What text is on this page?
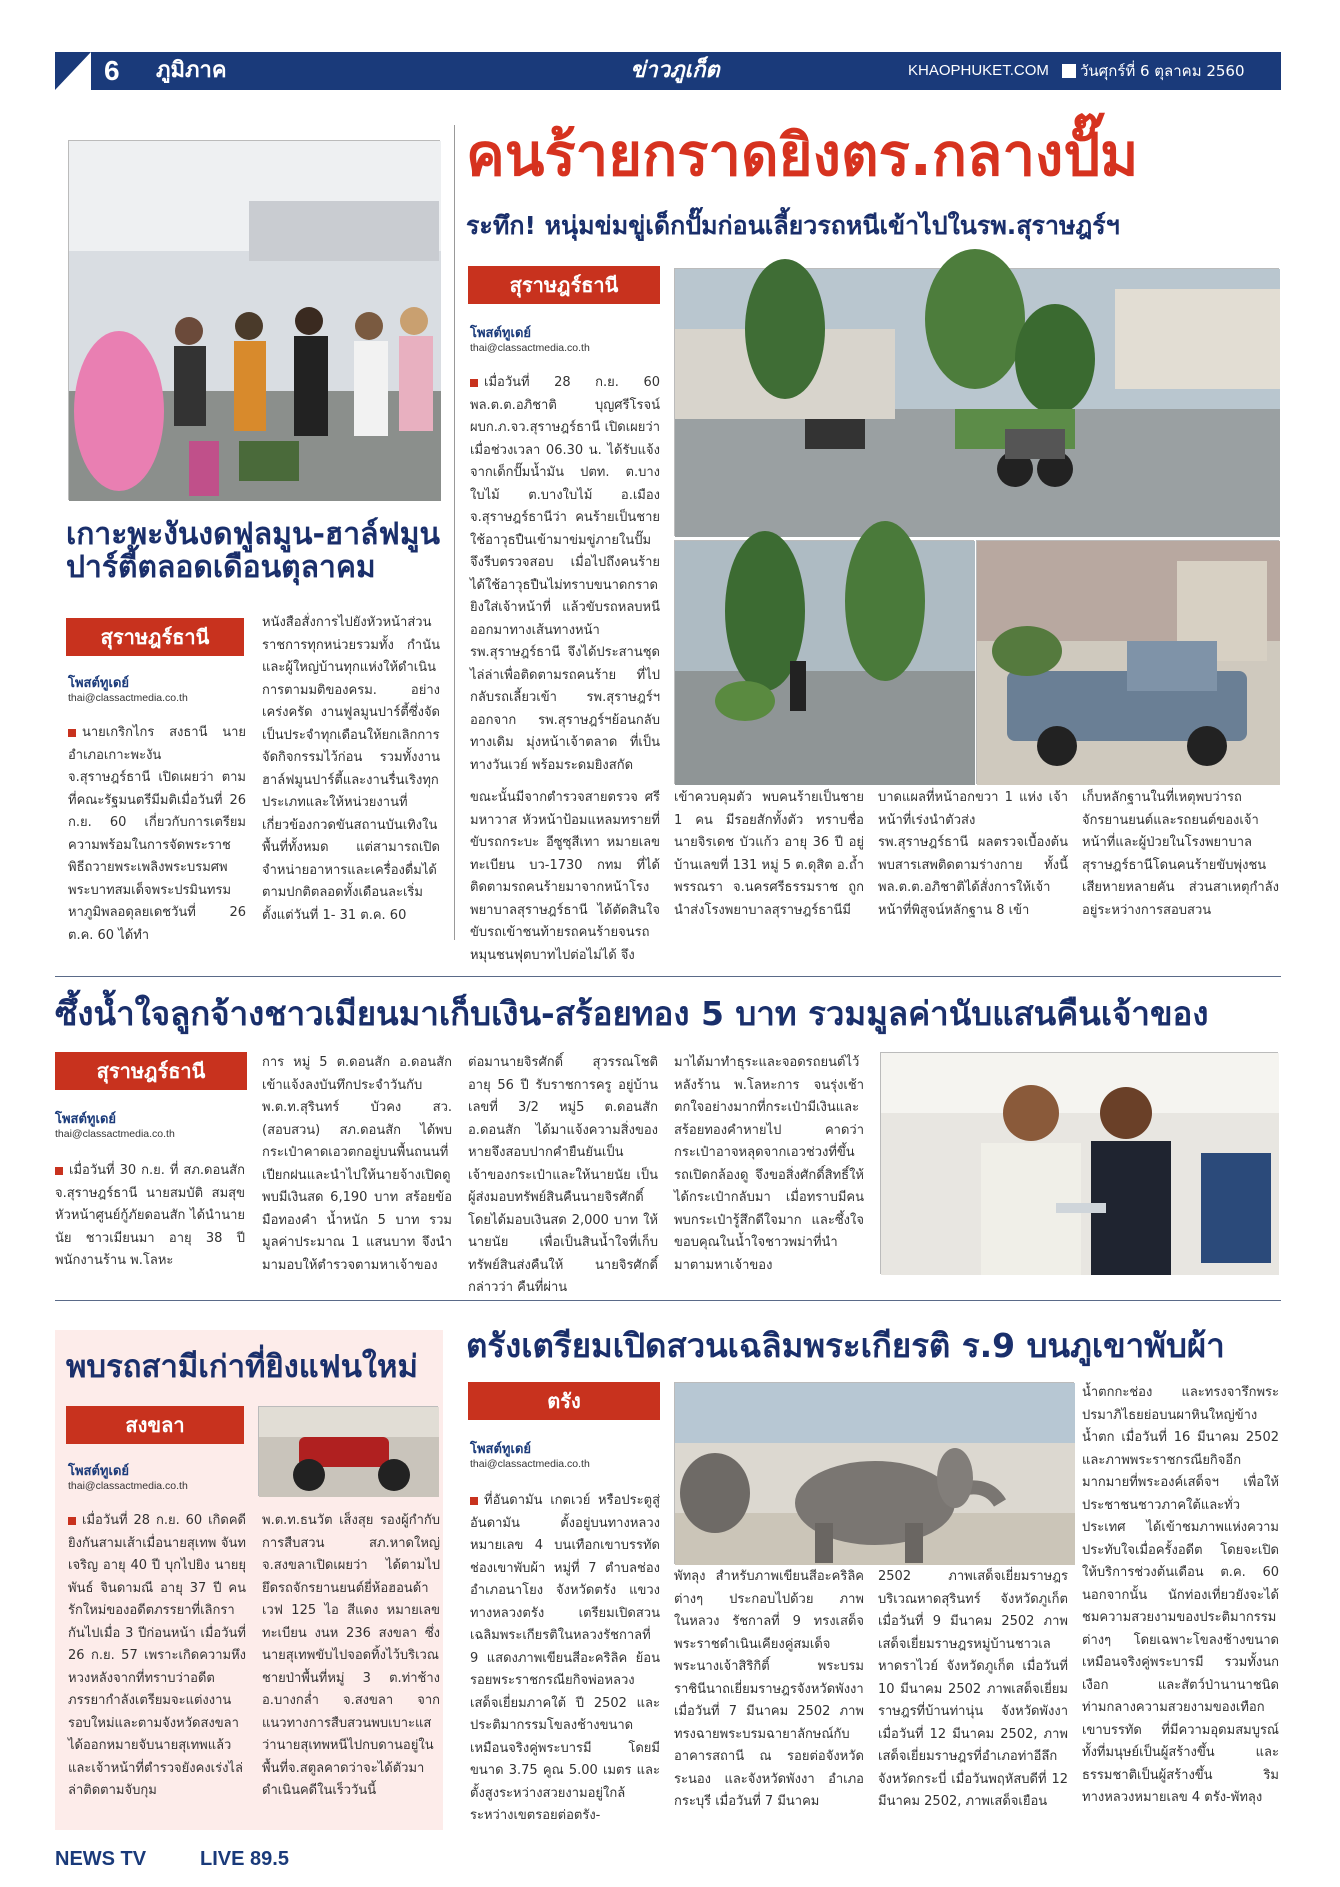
6	ภูมิภาค	ข่าวภูเก็ต	KHAOPHUKET.COM	วันศุกร์ที่ 6 ตุลาคม 2560
เกาะพะงันงดฟูลมูน-ฮาล์ฟมูนปาร์ตี้ตลอดเดือนตุลาคม
สุราษฎร์ธานี
โพสต์ทูเดย์
thai@classactmedia.co.th
นายเกริกไกร สงธานี นายอำเภอเกาะพะงัน จ.สุราษฎร์ธานี เปิดเผยว่า ตามที่คณะรัฐมนตรีมีมติเมื่อวันที่ 26 ก.ย. 60 เกี่ยวกับการเตรียมความพร้อมในการจัดพระราชพิธีถวายพระเพลิงพระบรมศพพระบาทสมเด็จพระปรมินทรมหาภูมิพลอดุลยเดชวันที่ 26 ต.ค. 60 ได้ทำ
หนังสือสั่งการไปยังหัวหน้าส่วนราชการทุกหน่วยรวมทั้ง กำนันและผู้ใหญ่บ้านทุกแห่งให้ดำเนินการตามมติของครม. อย่างเคร่งครัด งานฟูลมูนปาร์ตี้ซึ่งจัดเป็นประจำทุกเดือนให้ยกเลิกการจัดกิจกรรมไว้ก่อน รวมทั้งงานฮาล์ฟมูนปาร์ตี้และงานรื่นเริงทุกประเภทและให้หน่วยงานที่เกี่ยวข้องกวดขันสถานบันเทิงในพื้นที่ทั้งหมด แต่สามารถเปิดจำหน่ายอาหารและเครื่องดื่มได้ตามปกติตลอดทั้งเดือนละเริ่มตั้งแต่วันที่ 1- 31 ต.ค. 60
คนร้ายกราดยิงตร.กลางปั๊ม
ระทึก! หนุ่มข่มขู่เด็กปั๊มก่อนเลี้ยวรถหนีเข้าไปในรพ.สุราษฎร์ฯ
สุราษฎร์ธานี
โพสต์ทูเดย์
thai@classactmedia.co.th
เมื่อวันที่ 28 ก.ย. 60 พล.ต.ต.อภิชาติ บุญศรีโรจน์ ผบก.ภ.จว.สุราษฎร์ธานี เปิดเผยว่า เมื่อช่วงเวลา 06.30 น. ได้รับแจ้งจากเด็กปั๊มน้ำมัน ปตท. ต.บางใบไม้ ต.บางใบไม้ อ.เมือง จ.สุราษฎร์ธานีว่า คนร้ายเป็นชายใช้อาวุธปืนเข้ามาข่มขู่ภายในปั๊ม จึงรีบตรวจสอบ เมื่อไปถึงคนร้ายได้ใช้อาวุธปืนไม่ทราบขนาดกราดยิงใส่เจ้าหน้าที่ แล้วขับรถหลบหนีออกมาทางเส้นทางหน้า รพ.สุราษฎร์ธานี จึงได้ประสานชุดไล่ล่าเพื่อติดตามรถคนร้าย ที่ไปกลับรถเลี้ยวเข้า รพ.สุราษฎร์ฯ ออกจาก รพ.สุราษฎร์ฯย้อนกลับทางเดิม มุ่งหน้าเจ้าตลาด ที่เป็นทางวันเวย์ พร้อมระดมยิงสกัด
ขณะนั้นมีจากตำรวจสายตรวจ ศรีมหาวาส หัวหน้าป้อมแหลมทรายที่ขับรถกระบะ อีซูซุสีเทา หมายเลขทะเบียน บว-1730 กทม ที่ได้ติดตามรถคนร้ายมาจากหน้าโรงพยาบาลสุราษฎร์ธานี ได้ตัดสินใจขับรถเข้าชนท้ายรถคนร้ายจนรถหมุนชนฟุตบาทไปต่อไม่ได้ จึง
เข้าควบคุมตัว พบคนร้ายเป็นชาย 1 คน มีรอยสักทั้งตัว ทราบชื่อ นายจิรเดช บัวแก้ว อายุ 36 ปี อยู่บ้านเลขที่ 131 หมู่ 5 ต.ดุสิต อ.ถ้ำพรรณรา จ.นครศรีธรรมราช ถูกนำส่งโรงพยาบาลสุราษฎร์ธานีมี
บาดแผลที่หน้าอกขวา 1 แห่ง เจ้าหน้าที่เร่งนำตัวส่ง รพ.สุราษฎร์ธานี ผลตรวจเบื้องต้นพบสารเสพติดตามร่างกาย ทั้งนี้ พล.ต.ต.อภิชาติได้สั่งการให้เจ้าหน้าที่พิสูจน์หลักฐาน 8 เข้า
เก็บหลักฐานในที่เหตุพบว่ารถจักรยานยนต์และรถยนต์ของเจ้าหน้าที่และผู้ป่วยในโรงพยาบาลสุราษฎร์ธานีโดนคนร้ายขับพุ่งชนเสียหายหลายคัน ส่วนสาเหตุกำลังอยู่ระหว่างการสอบสวน
ซึ้งน้ำใจลูกจ้างชาวเมียนมาเก็บเงิน-สร้อยทอง 5 บาท รวมมูลค่านับแสนคืนเจ้าของ
สุราษฎร์ธานี
โพสต์ทูเดย์
thai@classactmedia.co.th
เมื่อวันที่ 30 ก.ย. ที่ สภ.ดอนสัก จ.สุราษฎร์ธานี นายสมบัติ สมสุข หัวหน้าศูนย์กู้ภัยดอนสัก ได้นำนายนัย ชาวเมียนมา อายุ 38 ปี พนักงานร้าน พ.โลหะ
การ หมู่ 5 ต.ดอนสัก อ.ดอนสัก เข้าแจ้งลงบันทึกประจำวันกับ พ.ต.ท.สุรินทร์ บัวคง สว.(สอบสวน) สภ.ดอนสัก ได้พบกระเป๋าคาดเอวตกอยู่บนพื้นถนนที่เปียกฝนและนำไปให้นายจ้างเปิดดูพบมีเงินสด 6,190 บาท สร้อยข้อมือทองคำ น้ำหนัก 5 บาท รวมมูลค่าประมาณ 1 แสนบาท จึงนำมามอบให้ตำรวจตามหาเจ้าของ
ต่อมานายจิรศักดิ์ สุวรรณโชติ อายุ 56 ปี รับราชการครู อยู่บ้านเลขที่ 3/2 หมู่5 ต.ดอนสัก อ.ดอนสัก ได้มาแจ้งความสิ่งของหายจึงสอบปากคำยืนยันเป็นเจ้าของกระเป๋าและให้นายนัย เป็นผู้ส่งมอบทรัพย์สินคืนนายจิรศักดิ์โดยได้มอบเงินสด 2,000 บาท ให้นายนัย เพื่อเป็นสินน้ำใจที่เก็บทรัพย์สินส่งคืนให้ นายจิรศักดิ์ กล่าวว่า คืนที่ผ่าน
มาได้มาทำธุระและจอดรถยนต์ไว้หลังร้าน พ.โลหะการ จนรุ่งเช้าตกใจอย่างมากที่กระเป๋ามีเงินและสร้อยทองคำหายไป คาดว่ากระเป๋าอาจหลุดจากเอวช่วงที่ขึ้นรถเปิดกล้องดู จึงขอสิ่งศักดิ์สิทธิ์ให้ได้กระเป๋ากลับมา เมื่อทราบมีคนพบกระเป๋ารู้สึกดีใจมาก และซึ้งใจขอบคุณในน้ำใจชาวพม่าที่นำมาตามหาเจ้าของ
พบรถสามีเก่าที่ยิงแฟนใหม่
สงขลา
โพสต์ทูเดย์
thai@classactmedia.co.th
เมื่อวันที่ 28 ก.ย. 60 เกิดคดียิงกันสามเส้าเมื่อนายสุเทพ จันทเจริญ อายุ 40 ปี บุกไปยิง นายยุพันธ์ จินดามณี อายุ 37 ปี คนรักใหม่ของอดีตภรรยาที่เลิกรากันไปเมื่อ 3 ปีก่อนหน้า เมื่อวันที่ 26 ก.ย. 57 เพราะเกิดความหึงหวงหลังจากที่ทราบว่าอดีตภรรยากำลังเตรียมจะแต่งงานรอบใหม่และตามจังหวัดสงขลาได้ออกหมายจับนายสุเทพแล้ว และเจ้าหน้าที่ตำรวจยังคงเร่งไล่ล่าติดตามจับกุม
พ.ต.ท.ธนวัต เส็งสุย รองผู้กำกับการสืบสวน สภ.หาดใหญ่ จ.สงขลาเปิดเผยว่า ได้ตามไปยึดรถจักรยานยนต์ยี่ห้อฮอนด้าเวฟ 125 ไอ สีแดง หมายเลขทะเบียน งนห 236 สงขลา ซึ่งนายสุเทพขับไปจอดทิ้งไว้บริเวณชายป่าพื้นที่หมู่ 3 ต.ท่าช้าง อ.บางกล่ำ จ.สงขลา จากแนวทางการสืบสวนพบเบาะแสว่านายสุเทพหนีไปกบดานอยู่ในพื้นที่จ.สตูลคาดว่าจะได้ตัวมาดำเนินคดีในเร็ววันนี้
ตรังเตรียมเปิดสวนเฉลิมพระเกียรติ ร.9 บนภูเขาพับผ้า
ตรัง
โพสต์ทูเดย์
thai@classactmedia.co.th
ที่อันดามัน เกตเวย์ หรือประตูสู่อันดามัน ตั้งอยู่บนทางหลวงหมายเลข 4 บนเทือกเขาบรรทัด ช่องเขาพับผ้า หมู่ที่ 7 ตำบลช่อง อำเภอนาโยง จังหวัดตรัง แขวงทางหลวงตรัง เตรียมเปิดสวนเฉลิมพระเกียรติในหลวงรัชกาลที่ 9 แสดงภาพเขียนสีอะคริลิค ย้อนรอยพระราชกรณียกิจพ่อหลวงเสด็จเยี่ยมภาคใต้ ปี 2502 และประติมากรรมโขลงช้างขนาดเหมือนจริงคู่พระบารมี โดยมีขนาด 3.75 คูณ 5.00 เมตร และตั้งสูงระหว่างสวยงามอยู่ใกล้ระหว่างเขตรอยต่อตรัง-
พัทลุง สำหรับภาพเขียนสีอะคริลิคต่างๆ ประกอบไปด้วย ภาพในหลวง รัชกาลที่ 9 ทรงเสด็จพระราชดำเนินเคียงคู่สมเด็จพระนางเจ้าสิริกิติ์ พระบรมราชินีนาถเยี่ยมราษฎรจังหวัดพังงา เมื่อวันที่ 7 มีนาคม 2502 ภาพทรงฉายพระบรมฉายาลักษณ์กับอาคารสถานี ณ รอยต่อจังหวัดระนอง และจังหวัดพังงา อำเภอกระบุรี เมื่อวันที่ 7 มีนาคม
2502 ภาพเสด็จเยี่ยมราษฎรบริเวณหาดสุรินทร์ จังหวัดภูเก็ต เมื่อวันที่ 9 มีนาคม 2502 ภาพเสด็จเยี่ยมราษฎรหมู่บ้านชาวเลหาดราไวย์ จังหวัดภูเก็ต เมื่อวันที่ 10 มีนาคม 2502 ภาพเสด็จเยี่ยมราษฎรที่บ้านท่านุ่น จังหวัดพังงา เมื่อวันที่ 12 มีนาคม 2502, ภาพเสด็จเยี่ยมราษฎรที่อำเภอท่าอีลึก จังหวัดกระบี่ เมื่อวันพฤหัสบดีที่ 12 มีนาคม 2502, ภาพเสด็จเยือน
น้ำตกกะช่อง และทรงจารึกพระปรมาภิไธยย่อบนผาหินใหญ่ข้างน้ำตก เมื่อวันที่ 16 มีนาคม 2502 และภาพพระราชกรณียกิจอีกมากมายที่พระองค์เสด็จฯ เพื่อให้ประชาชนชาวภาคใต้และทั่วประเทศ ได้เข้าชมภาพแห่งความประทับใจเมื่อครั้งอดีต โดยจะเปิดให้บริการช่วงต้นเดือน ต.ค. 60 นอกจากนั้น นักท่องเที่ยวยังจะได้ชมความสวยงามของประติมากรรมต่างๆ โดยเฉพาะโขลงช้างขนาดเหมือนจริงคู่พระบารมี รวมทั้งนกเงือก และสัตว์ป่านานาชนิด ท่ามกลางความสวยงามของเทือกเขาบรรทัด ที่มีความอุดมสมบูรณ์ ทั้งที่มนุษย์เป็นผู้สร้างขึ้น และธรรมชาติเป็นผู้สร้างขึ้น ริมทางหลวงหมายเลข 4 ตรัง-พัทลุง
NEWS TV	LIVE 89.5
